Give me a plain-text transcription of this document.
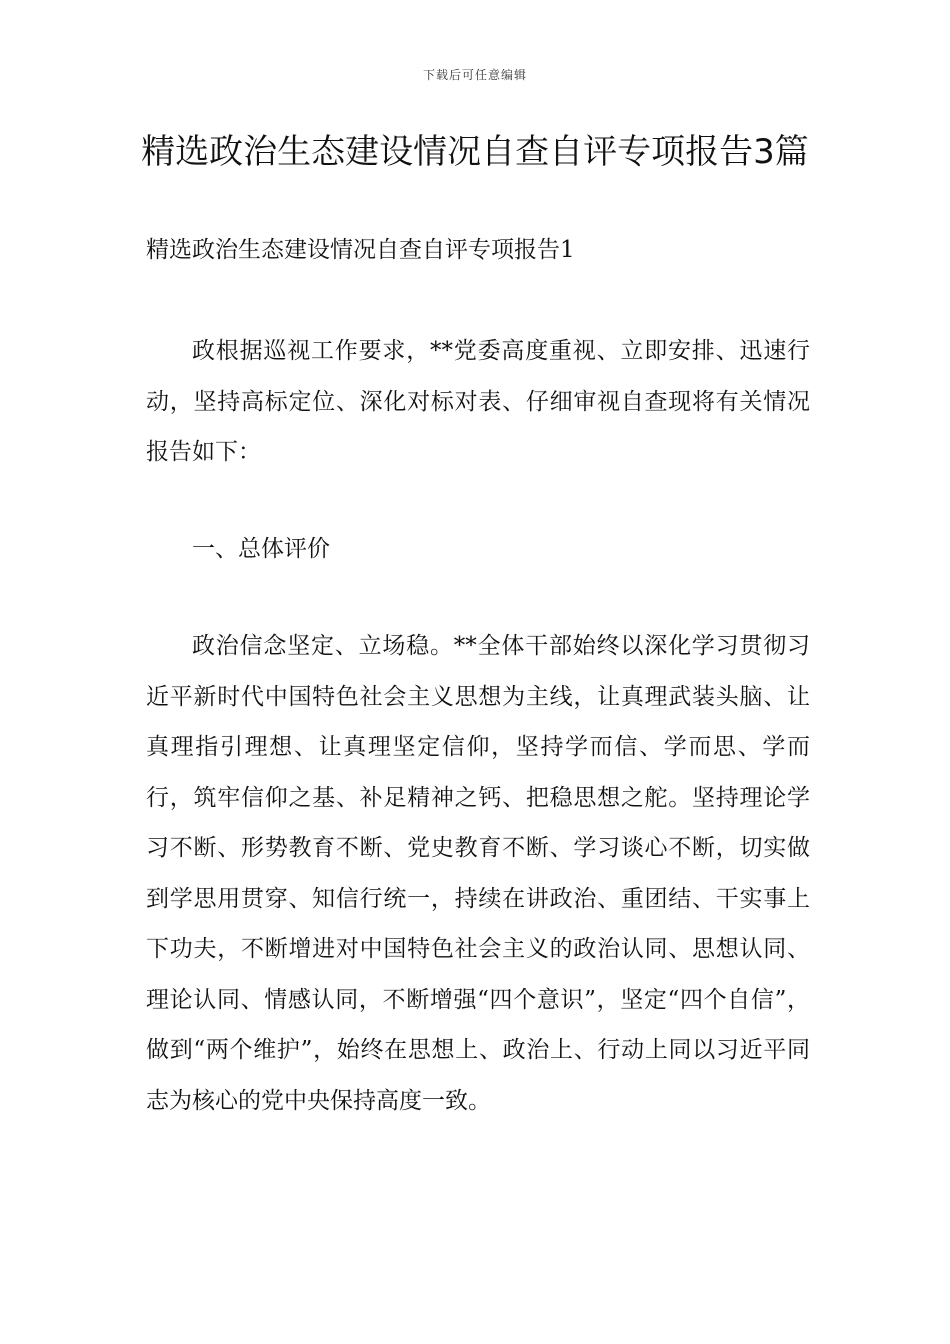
下载后可任意编辑
精选政治生态建设情况自查自评专项报告3篇
精选政治生态建设情况自查自评专项报告1

政根据巡视工作要求，**党委高度重视、立即安排、迅速行动，坚持高标定位、深化对标对表、仔细审视自查现将有关情况报告如下：

一、总体评价

政治信念坚定、立场稳。**全体干部始终以深化学习贯彻习近平新时代中国特色社会主义思想为主线，让真理武装头脑、让真理指引理想、让真理坚定信仰，坚持学而信、学而思、学而行，筑牢信仰之基、补足精神之钙、把稳思想之舵。坚持理论学习不断、形势教育不断、党史教育不断、学习谈心不断，切实做到学思用贯穿、知信行统一，持续在讲政治、重团结、干实事上下功夫，不断增进对中国特色社会主义的政治认同、思想认同、理论认同、情感认同，不断增强“四个意识”，坚定“四个自信”，做到“两个维护”，始终在思想上、政治上、行动上同以习近平同志为核心的党中央保持高度一致。
